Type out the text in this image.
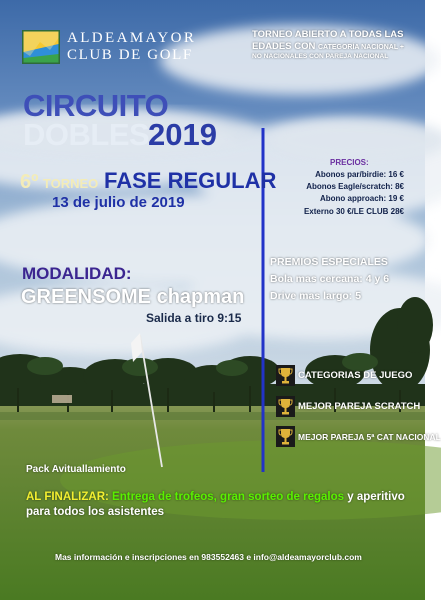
ALDEAMAYOR
CLUB DE GOLF
TORNEO ABIERTO A TODAS LAS
EDADES CON CATEGORÍA NACIONAL +
NO NACIONALES CON PAREJA NACIONAL
CIRCUITO
DOBLES
2019
6º TORNEO FASE REGULAR
13 de julio de 2019
MODALIDAD:
GREENSOME chapman
Salida a tiro 9:15
PRECIOS:
Abonos par/birdie: 16 €
Abonos Eagle/scratch: 8€
Abono approach: 19 €
Externo 30 €/LE CLUB 28€
PREMIOS ESPECIALES
Bola mas cercana: 4 y 6
Drive mas largo: 5
CATEGORIAS DE JUEGO
MEJOR PAREJA SCRATCH
MEJOR PAREJA 5ª CAT NACIONAL
Pack Avituallamiento
AL FINALIZAR: Entrega de trofeos, gran sorteo de regalos y aperitivo
para todos los asistentes
Mas información e inscripciones en 983552463 e info@aldeamayorclub.com
